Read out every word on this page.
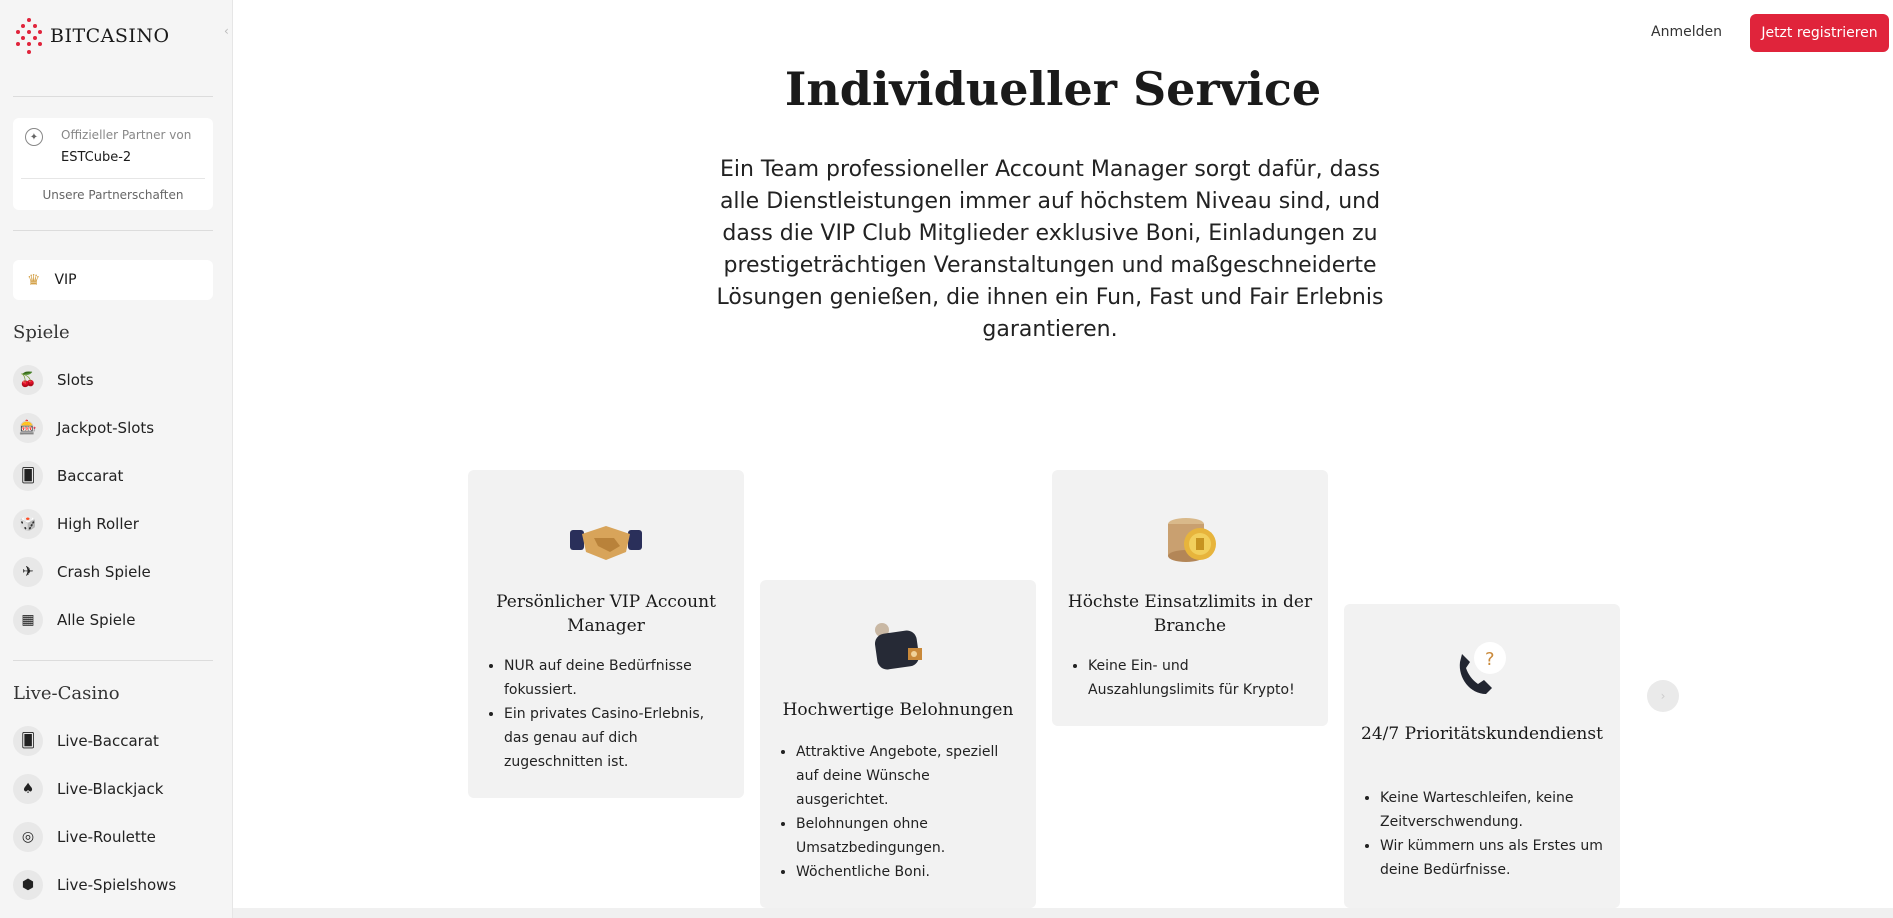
BITCASINO	‹
✦	Offizieller Partner von
ESTCube-2
Unsere Partnerschaften
♛ VIP
Spiele
🍒	Slots
🎰	Jackpot-Slots
🂠	Baccarat
🎲	High Roller
✈	Crash Spiele
▦	Alle Spiele
Live-Casino
🂠	Live-Baccarat
♠	Live-Blackjack
◎	Live-Roulette
⬢	Live-Spielshows
Anmelden	Jetzt registrieren
Individueller Service

Ein Team professioneller Account Manager sorgt dafür, dass alle Dienstleistungen immer auf höchstem Niveau sind, und dass die VIP Club Mitglieder exklusive Boni, Einladungen zu prestigeträchtigen Veranstaltungen und maßgeschneiderte Lösungen genießen, die ihnen ein Fun, Fast und Fair Erlebnis garantieren.

Persönlicher VIP Account Manager
• NUR auf deine Bedürfnisse fokussiert.
• Ein privates Casino-Erlebnis, das genau auf dich zugeschnitten ist.
Hochwertige Belohnungen
• Attraktive Angebote, speziell auf deine Wünsche ausgerichtet.
• Belohnungen ohne Umsatzbedingungen.
• Wöchentliche Boni.
Höchste Einsatzlimits in der Branche
• Keine Ein- und Auszahlungslimits für Krypto!
?
24/7 Prioritätskundendienst
• Keine Warteschleifen, keine Zeitverschwendung.
• Wir kümmern uns als Erstes um deine Bedürfnisse.
›
